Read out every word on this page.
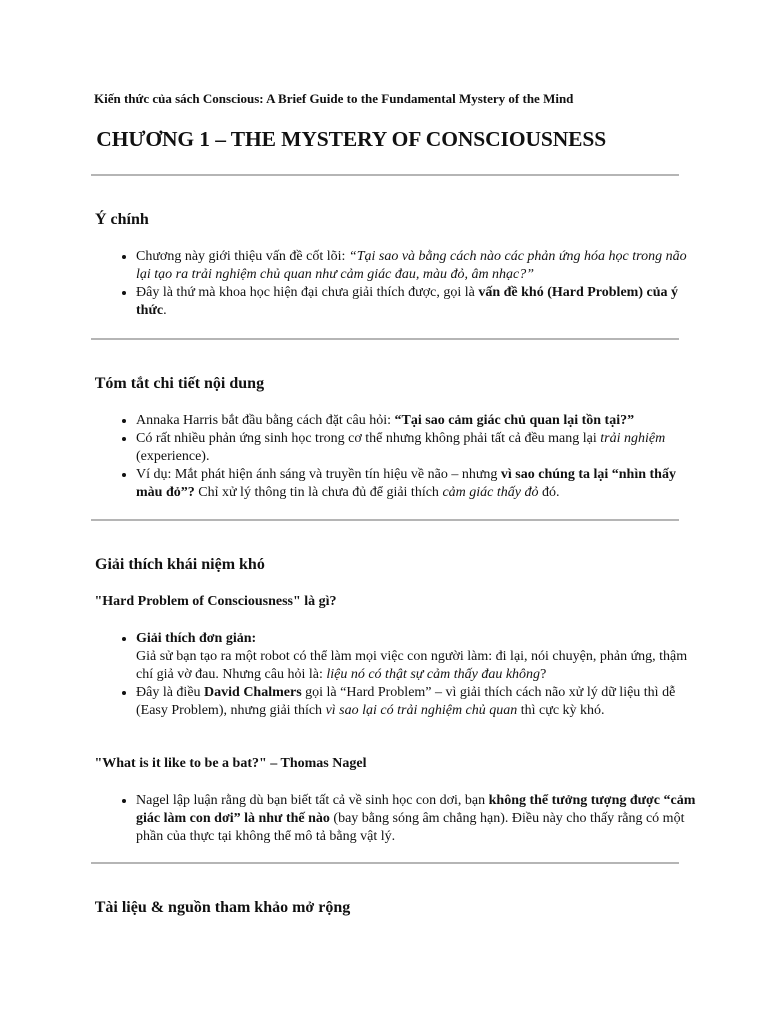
Kiến thức của sách Conscious: A Brief Guide to the Fundamental Mystery of the Mind
CHƯƠNG 1 – THE MYSTERY OF CONSCIOUSNESS
Ý chính
• Chương này giới thiệu vấn đề cốt lõi: “Tại sao và bằng cách nào các phản ứng hóa học trong não lại tạo ra trải nghiệm chủ quan như cảm giác đau, màu đỏ, âm nhạc?”
• Đây là thứ mà khoa học hiện đại chưa giải thích được, gọi là vấn đề khó (Hard Problem) của ý thức.
Tóm tắt chi tiết nội dung
• Annaka Harris bắt đầu bằng cách đặt câu hỏi: “Tại sao cảm giác chủ quan lại tồn tại?”
• Có rất nhiều phản ứng sinh học trong cơ thể nhưng không phải tất cả đều mang lại trải nghiệm (experience).
• Ví dụ: Mắt phát hiện ánh sáng và truyền tín hiệu về não – nhưng vì sao chúng ta lại “nhìn thấy màu đỏ”? Chỉ xử lý thông tin là chưa đủ để giải thích cảm giác thấy đỏ đó.
Giải thích khái niệm khó
"Hard Problem of Consciousness" là gì?
• Giải thích đơn giản:
Giả sử bạn tạo ra một robot có thể làm mọi việc con người làm: đi lại, nói chuyện, phản ứng, thậm chí giả vờ đau. Nhưng câu hỏi là: liệu nó có thật sự cảm thấy đau không?
• Đây là điều David Chalmers gọi là “Hard Problem” – vì giải thích cách não xử lý dữ liệu thì dễ (Easy Problem), nhưng giải thích vì sao lại có trải nghiệm chủ quan thì cực kỳ khó.
"What is it like to be a bat?" – Thomas Nagel
• Nagel lập luận rằng dù bạn biết tất cả về sinh học con dơi, bạn không thể tưởng tượng được “cảm giác làm con dơi” là như thế nào (bay bằng sóng âm chẳng hạn). Điều này cho thấy rằng có một phần của thực tại không thể mô tả bằng vật lý.
Tài liệu & nguồn tham khảo mở rộng
